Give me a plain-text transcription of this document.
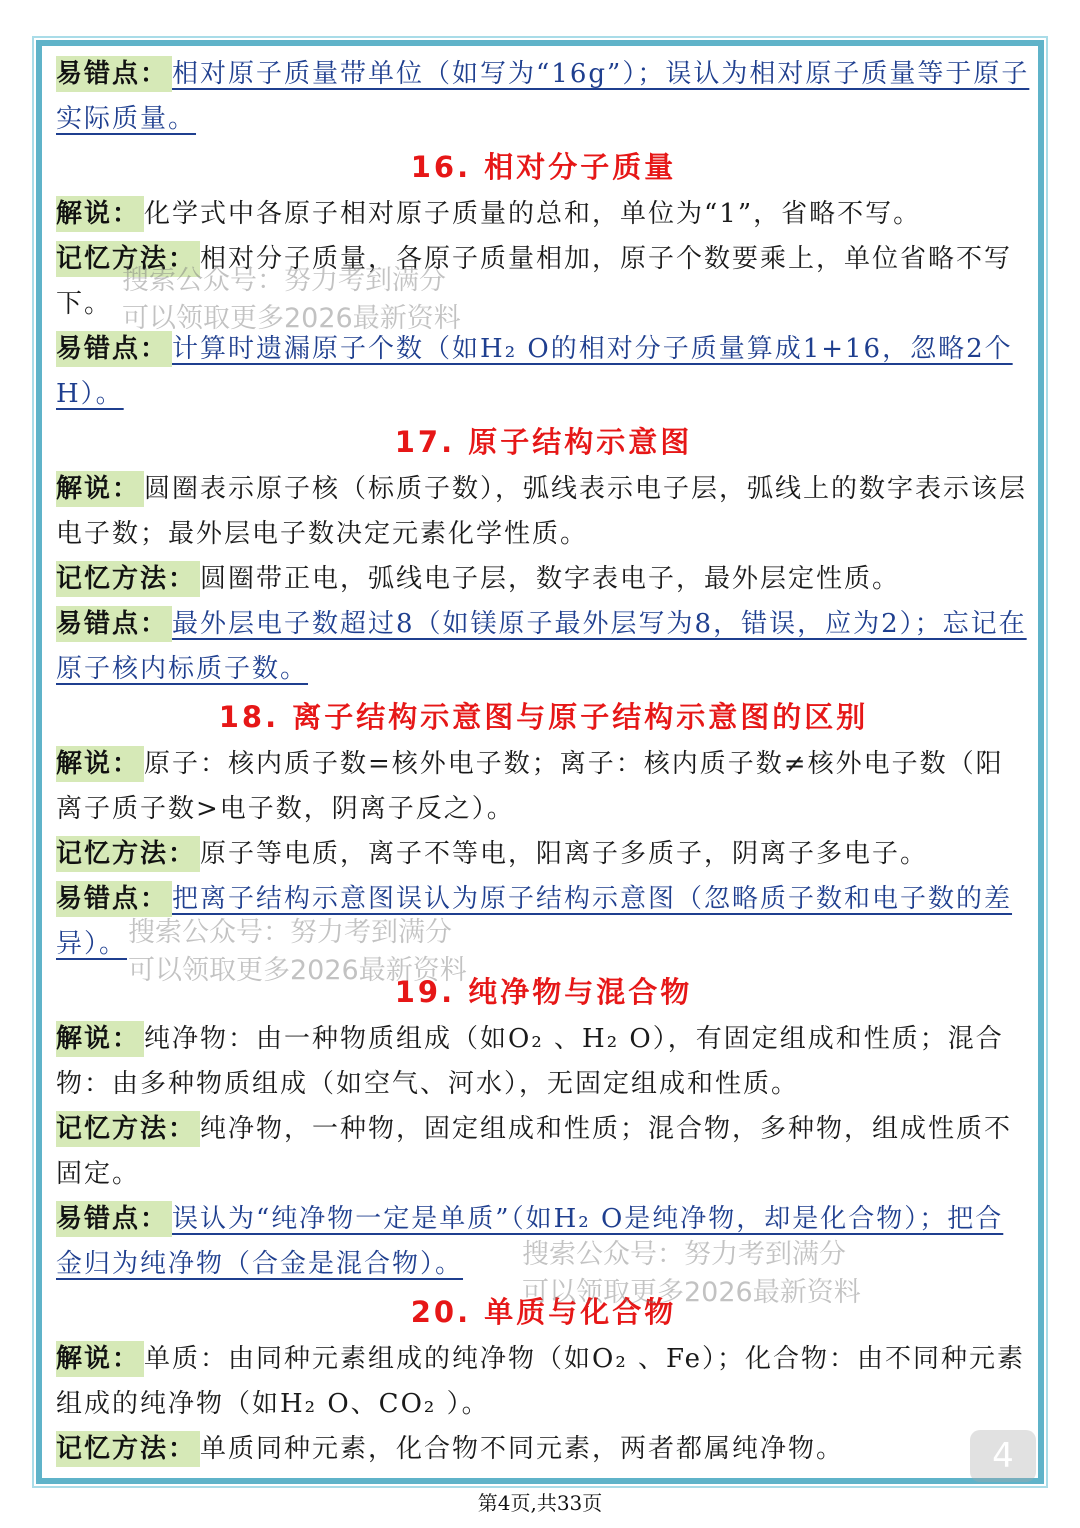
易错点： 相对原子质量带单位（如写为“16g”）；误认为相对原子质量等于原子实际质量。

16. 相对分子质量

解说： 化学式中各原子相对原子质量的总和，单位为“1”，省略不写。

记忆方法： 相对分子质量，各原子质量相加，原子个数要乘上，单位省略不写下。

易错点： 计算时遗漏原子个数（如H₂ O的相对分子质量算成1+16，忽略2个H）。

17. 原子结构示意图

解说： 圆圈表示原子核（标质子数），弧线表示电子层，弧线上的数字表示该层电子数；最外层电子数决定元素化学性质。

记忆方法： 圆圈带正电，弧线电子层，数字表电子，最外层定性质。

易错点： 最外层电子数超过8（如镁原子最外层写为8，错误，应为2）；忘记在原子核内标质子数。

18. 离子结构示意图与原子结构示意图的区别

解说： 原子：核内质子数=核外电子数；离子：核内质子数≠核外电子数（阳离子质子数>电子数，阴离子反之）。

记忆方法： 原子等电质，离子不等电，阳离子多质子，阴离子多电子。

易错点： 把离子结构示意图误认为原子结构示意图（忽略质子数和电子数的差异）。

19. 纯净物与混合物

解说： 纯净物：由一种物质组成（如O₂ 、H₂ O），有固定组成和性质；混合物：由多种物质组成（如空气、河水），无固定组成和性质。

记忆方法： 纯净物，一种物，固定组成和性质；混合物，多种物，组成性质不固定。

易错点： 误认为“纯净物一定是单质”（如H₂ O是纯净物，却是化合物）；把合金归为纯净物（合金是混合物）。

20. 单质与化合物

解说： 单质：由同种元素组成的纯净物（如O₂ 、Fe）；化合物：由不同种元素组成的纯净物（如H₂ O、CO₂ ）。

记忆方法： 单质同种元素，化合物不同元素，两者都属纯净物。

搜索公众号：努力考到满分
可以领取更多2026最新资料
搜索公众号：努力考到满分
可以领取更多2026最新资料
搜索公众号：努力考到满分
可以领取更多2026最新资料
4
第4页,共33页
